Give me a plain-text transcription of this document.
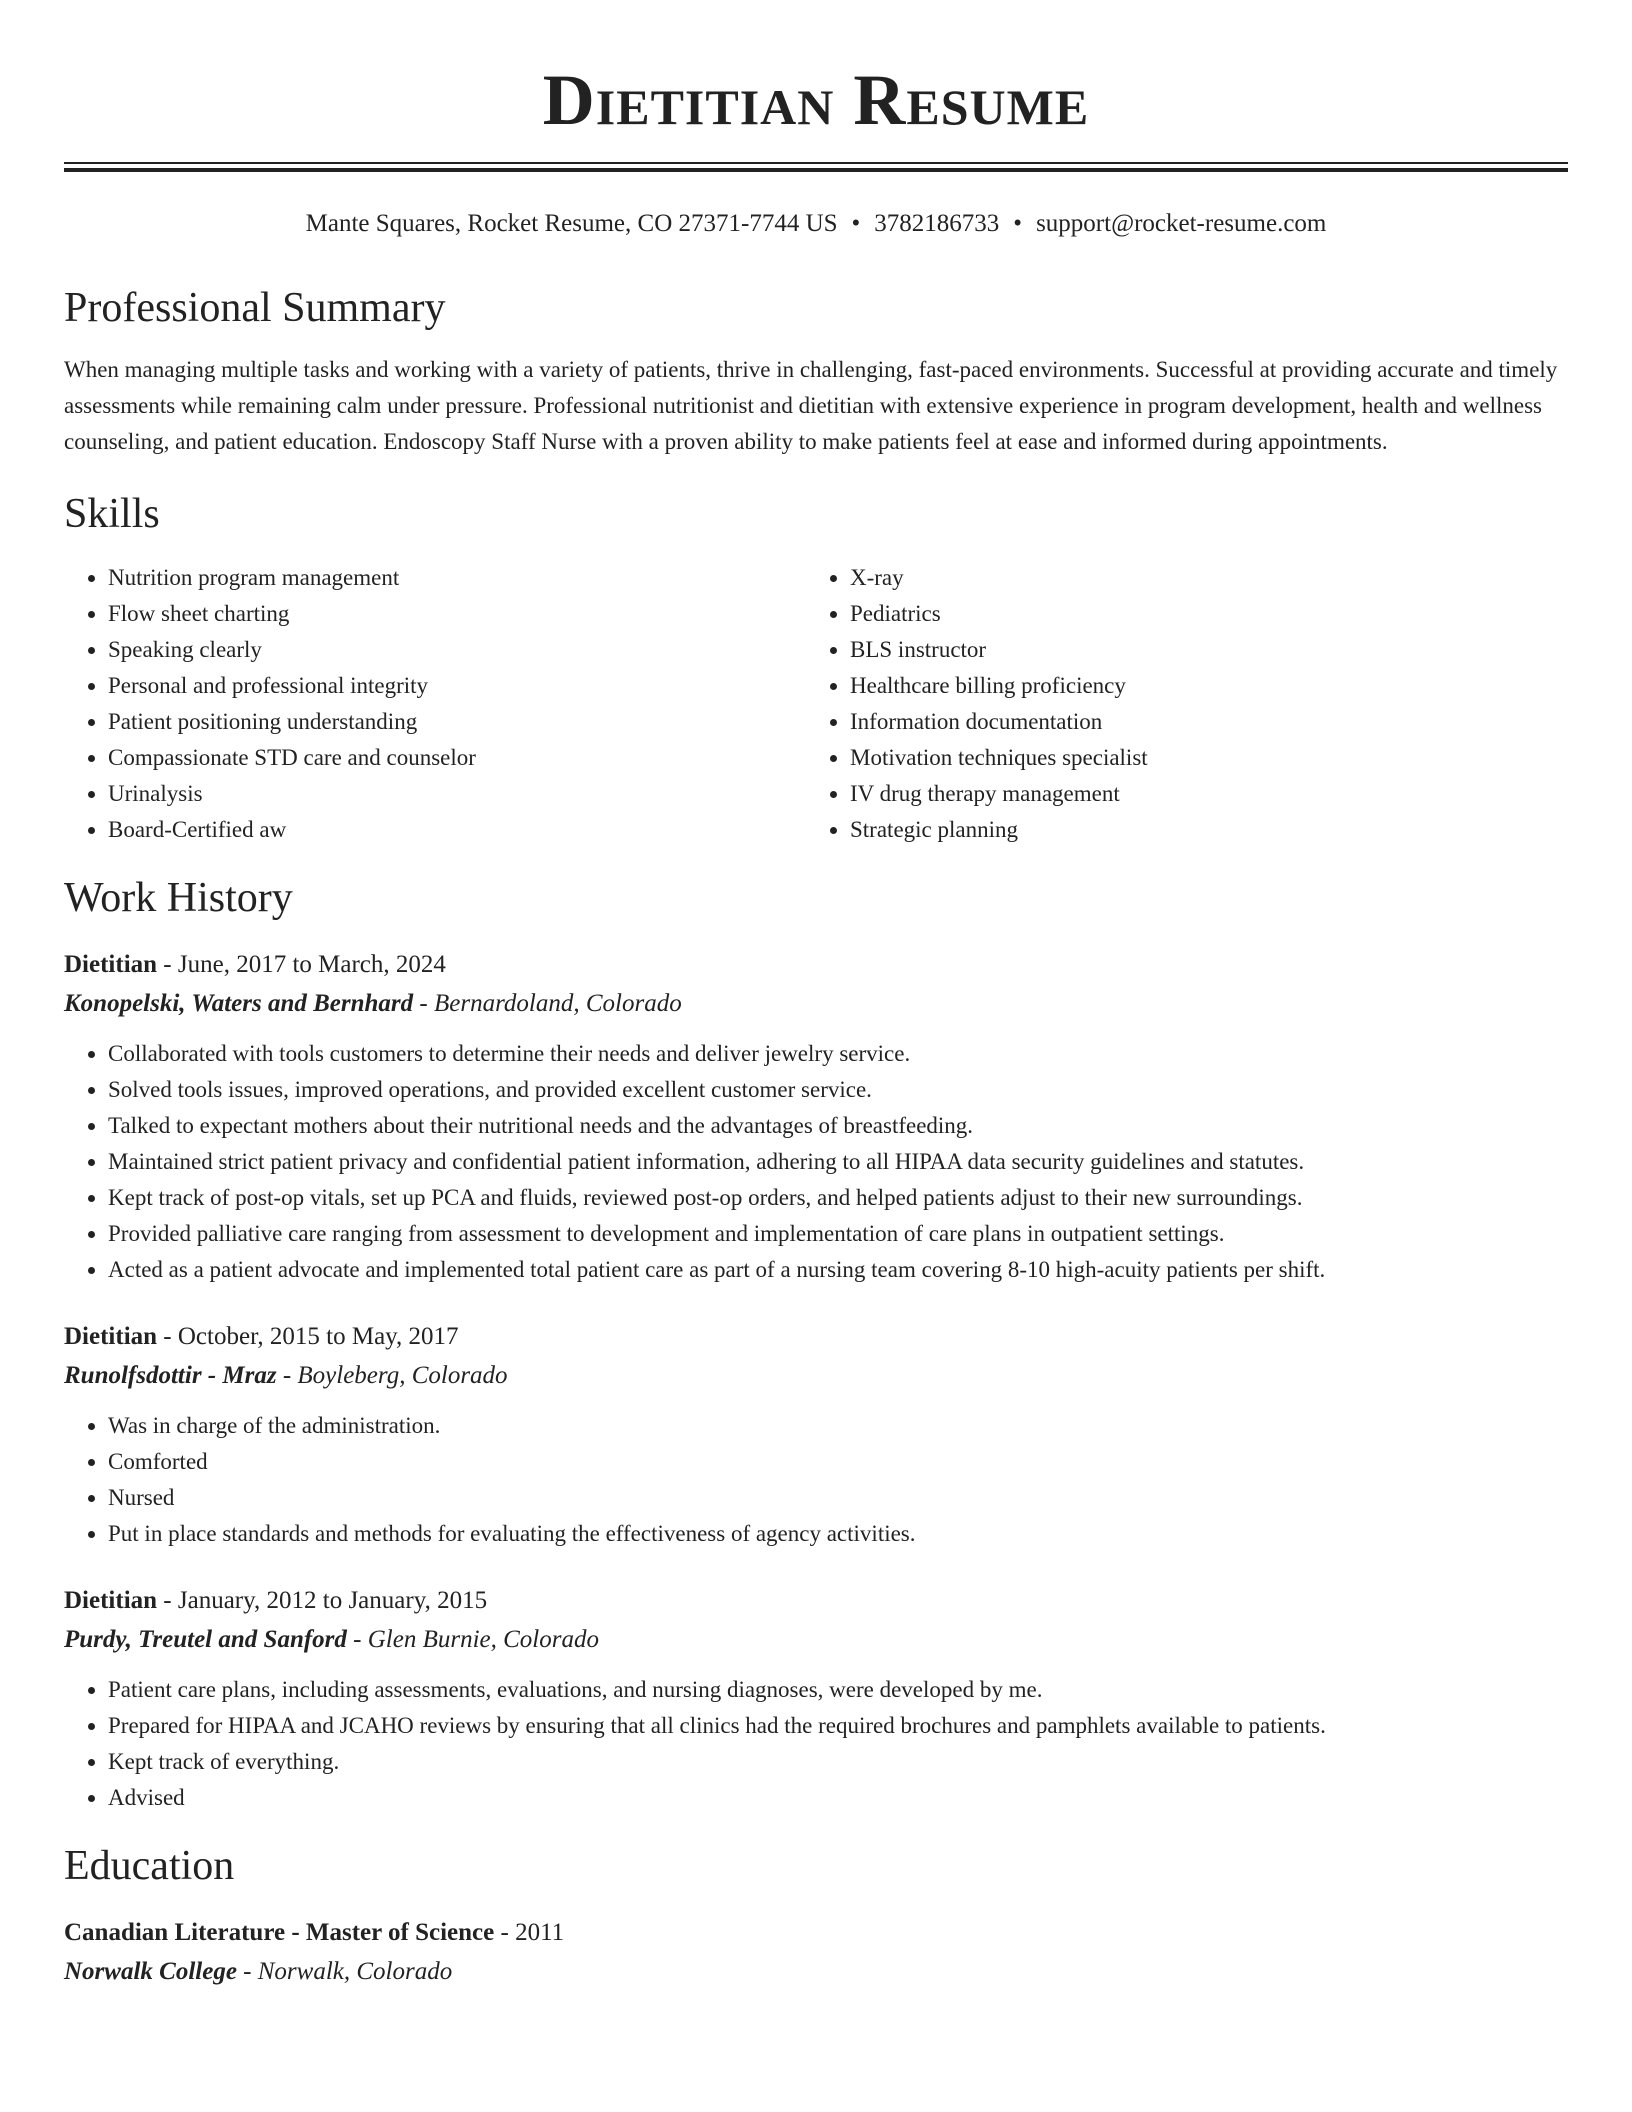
Dietitian Resume
Mante Squares, Rocket Resume, CO 27371-7744 US • 3782186733 • support@rocket-resume.com
Professional Summary

When managing multiple tasks and working with a variety of patients, thrive in challenging, fast-paced environments. Successful at providing accurate and timely assessments while remaining calm under pressure. Professional nutritionist and dietitian with extensive experience in program development, health and wellness counseling, and patient education. Endoscopy Staff Nurse with a proven ability to make patients feel at ease and informed during appointments.

Skills
• Nutrition program management
• Flow sheet charting
• Speaking clearly
• Personal and professional integrity
• Patient positioning understanding
• Compassionate STD care and counselor
• Urinalysis
• Board-Certified aw
• X-ray
• Pediatrics
• BLS instructor
• Healthcare billing proficiency
• Information documentation
• Motivation techniques specialist
• IV drug therapy management
• Strategic planning
Work History
Dietitian - June, 2017 to March, 2024
Konopelski, Waters and Bernhard - Bernardoland, Colorado
• Collaborated with tools customers to determine their needs and deliver jewelry service.
• Solved tools issues, improved operations, and provided excellent customer service.
• Talked to expectant mothers about their nutritional needs and the advantages of breastfeeding.
• Maintained strict patient privacy and confidential patient information, adhering to all HIPAA data security guidelines and statutes.
• Kept track of post-op vitals, set up PCA and fluids, reviewed post-op orders, and helped patients adjust to their new surroundings.
• Provided palliative care ranging from assessment to development and implementation of care plans in outpatient settings.
• Acted as a patient advocate and implemented total patient care as part of a nursing team covering 8-10 high-acuity patients per shift.
Dietitian - October, 2015 to May, 2017
Runolfsdottir - Mraz - Boyleberg, Colorado
• Was in charge of the administration.
• Comforted
• Nursed
• Put in place standards and methods for evaluating the effectiveness of agency activities.
Dietitian - January, 2012 to January, 2015
Purdy, Treutel and Sanford - Glen Burnie, Colorado
• Patient care plans, including assessments, evaluations, and nursing diagnoses, were developed by me.
• Prepared for HIPAA and JCAHO reviews by ensuring that all clinics had the required brochures and pamphlets available to patients.
• Kept track of everything.
• Advised
Education
Canadian Literature - Master of Science - 2011
Norwalk College - Norwalk, Colorado
